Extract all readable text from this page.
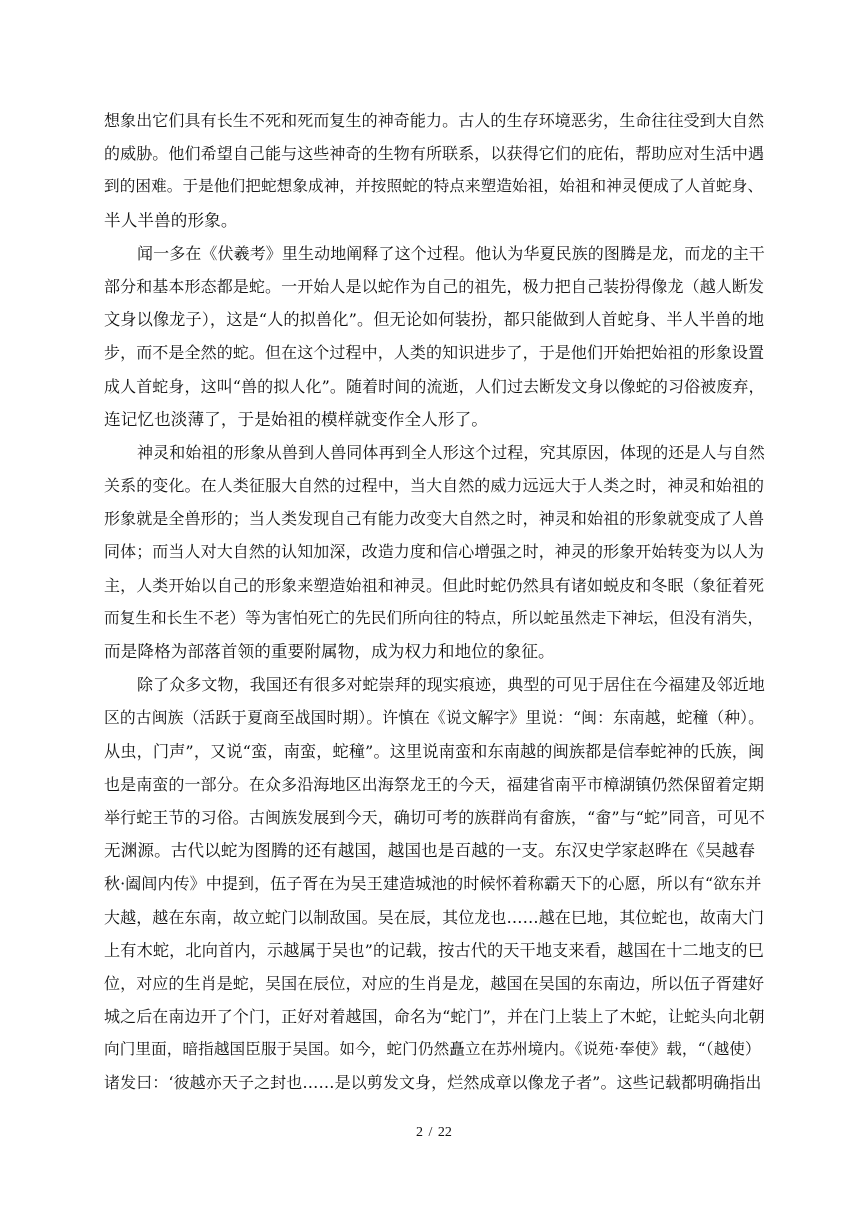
想象出它们具有长生不死和死而复生的神奇能力。古人的生存环境恶劣，生命往往受到大自然
的威胁。他们希望自己能与这些神奇的生物有所联系，以获得它们的庇佑，帮助应对生活中遇
到的困难。于是他们把蛇想象成神，并按照蛇的特点来塑造始祖，始祖和神灵便成了人首蛇身、
半人半兽的形象。
闻一多在《伏羲考》里生动地阐释了这个过程。他认为华夏民族的图腾是龙，而龙的主干
部分和基本形态都是蛇。一开始人是以蛇作为自己的祖先，极力把自己装扮得像龙（越人断发
文身以像龙子），这是“人的拟兽化”。但无论如何装扮，都只能做到人首蛇身、半人半兽的地
步，而不是全然的蛇。但在这个过程中，人类的知识进步了，于是他们开始把始祖的形象设置
成人首蛇身，这叫“兽的拟人化”。随着时间的流逝，人们过去断发文身以像蛇的习俗被废弃，
连记忆也淡薄了，于是始祖的模样就变作全人形了。
神灵和始祖的形象从兽到人兽同体再到全人形这个过程，究其原因，体现的还是人与自然
关系的变化。在人类征服大自然的过程中，当大自然的威力远远大于人类之时，神灵和始祖的
形象就是全兽形的；当人类发现自己有能力改变大自然之时，神灵和始祖的形象就变成了人兽
同体；而当人对大自然的认知加深，改造力度和信心增强之时，神灵的形象开始转变为以人为
主，人类开始以自己的形象来塑造始祖和神灵。但此时蛇仍然具有诸如蜕皮和冬眠（象征着死
而复生和长生不老）等为害怕死亡的先民们所向往的特点，所以蛇虽然走下神坛，但没有消失，
而是降格为部落首领的重要附属物，成为权力和地位的象征。
除了众多文物，我国还有很多对蛇崇拜的现实痕迹，典型的可见于居住在今福建及邻近地
区的古闽族（活跃于夏商至战国时期）。许慎在《说文解字》里说：“闽：东南越，蛇穜（种）。
从虫，门声”，又说“蛮，南蛮，蛇穜”。这里说南蛮和东南越的闽族都是信奉蛇神的氏族，闽
也是南蛮的一部分。在众多沿海地区出海祭龙王的今天，福建省南平市樟湖镇仍然保留着定期
举行蛇王节的习俗。古闽族发展到今天，确切可考的族群尚有畲族，“畲”与“蛇”同音，可见不
无渊源。古代以蛇为图腾的还有越国，越国也是百越的一支。东汉史学家赵晔在《吴越春
秋·阖闾内传》中提到，伍子胥在为吴王建造城池的时候怀着称霸天下的心愿，所以有“欲东并
大越，越在东南，故立蛇门以制敌国。吴在辰，其位龙也……越在巳地，其位蛇也，故南大门
上有木蛇，北向首内，示越属于吴也”的记载，按古代的天干地支来看，越国在十二地支的巳
位，对应的生肖是蛇，吴国在辰位，对应的生肖是龙，越国在吴国的东南边，所以伍子胥建好
城之后在南边开了个门，正好对着越国，命名为“蛇门”，并在门上装上了木蛇，让蛇头向北朝
向门里面，暗指越国臣服于吴国。如今，蛇门仍然矗立在苏州境内。《说苑·奉使》载，“（越使）
诸发曰：‘彼越亦天子之封也……是以剪发文身，烂然成章以像龙子者”。这些记载都明确指出
2 / 22
